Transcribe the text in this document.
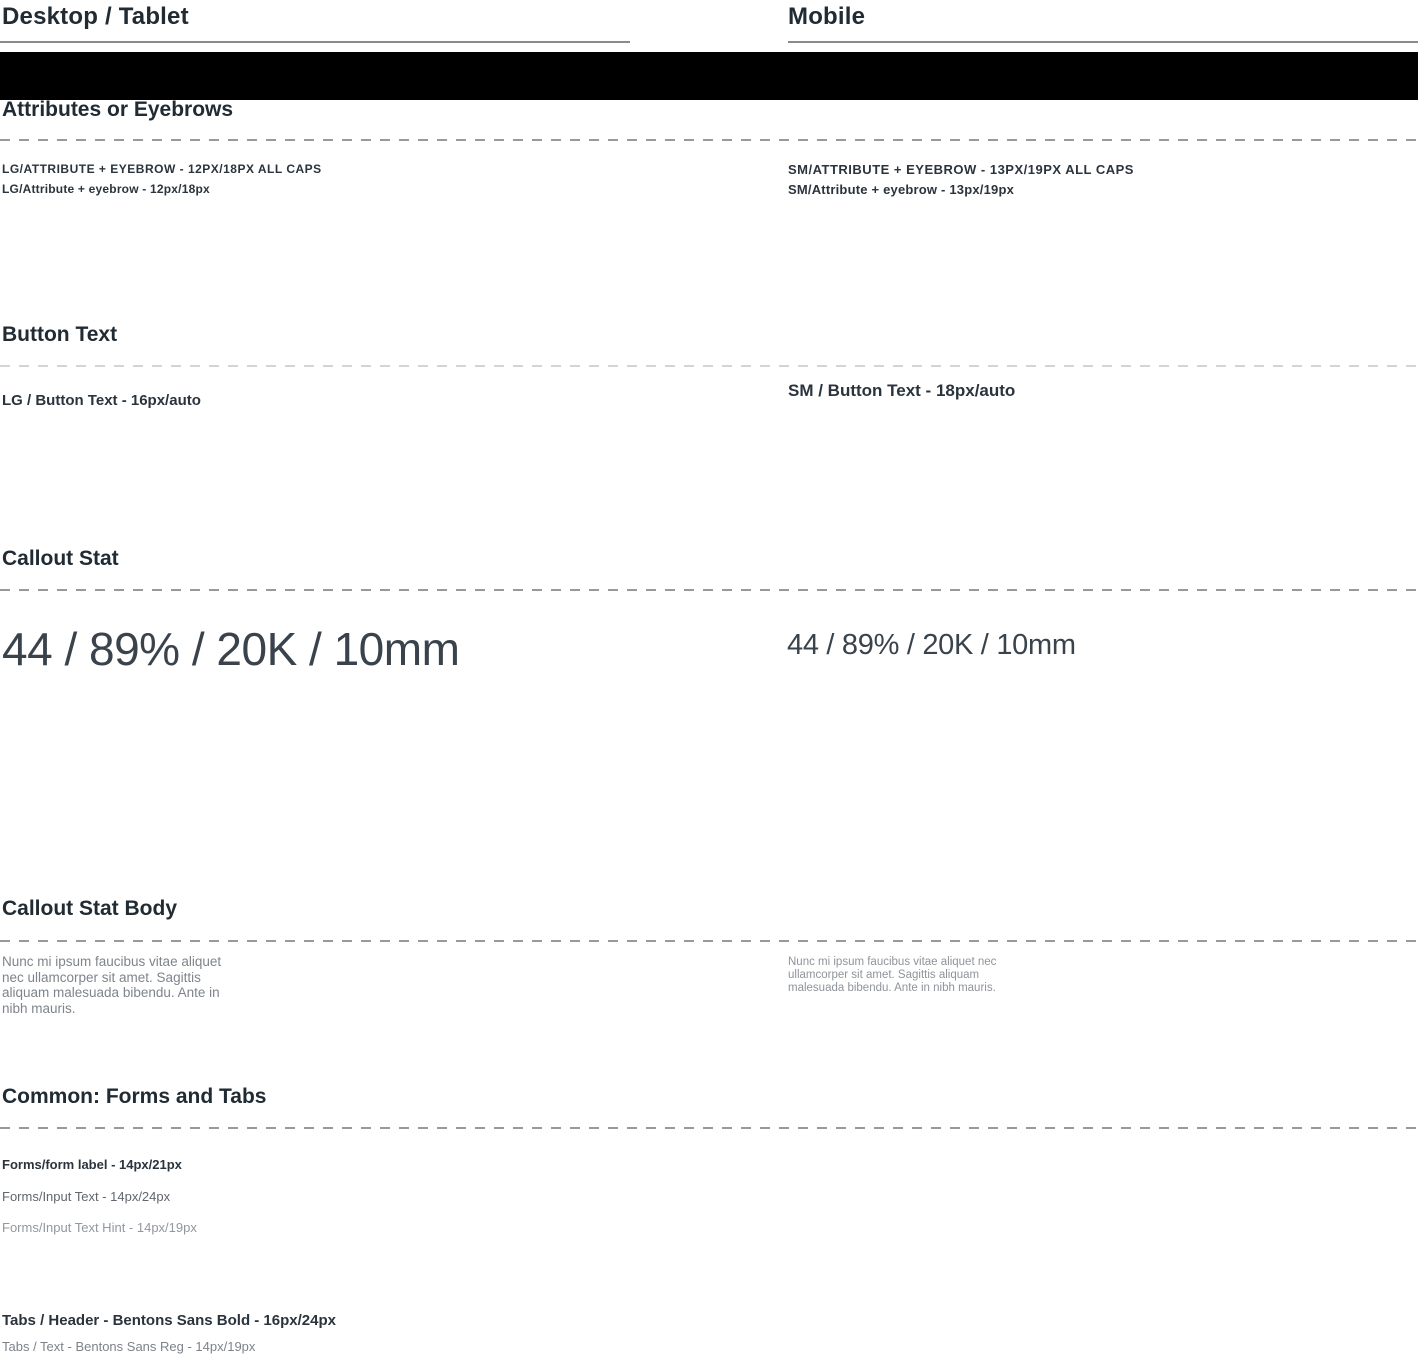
Desktop / Tablet	Mobile
Attributes or Eyebrows
LG/ATTRIBUTE + EYEBROW - 12PX/18PX ALL CAPS
LG/Attribute + eyebrow - 12px/18px
SM/ATTRIBUTE + EYEBROW - 13PX/19PX ALL CAPS
SM/Attribute + eyebrow - 13px/19px
Button Text
LG / Button Text - 16px/auto
SM / Button Text - 18px/auto
Callout Stat
44 / 89% / 20K / 10mm	44 / 89% / 20K / 10mm
Callout Stat Body
Nunc mi ipsum faucibus vitae aliquet
nec ullamcorper sit amet. Sagittis
aliquam malesuada bibendu. Ante in
nibh mauris.
Nunc mi ipsum faucibus vitae aliquet nec
ullamcorper sit amet. Sagittis aliquam
malesuada bibendu. Ante in nibh mauris.
Common: Forms and Tabs
Forms/form label - 14px/21px
Forms/Input Text - 14px/24px
Forms/Input Text Hint - 14px/19px
Tabs / Header - Bentons Sans Bold - 16px/24px
Tabs / Text - Bentons Sans Reg - 14px/19px
